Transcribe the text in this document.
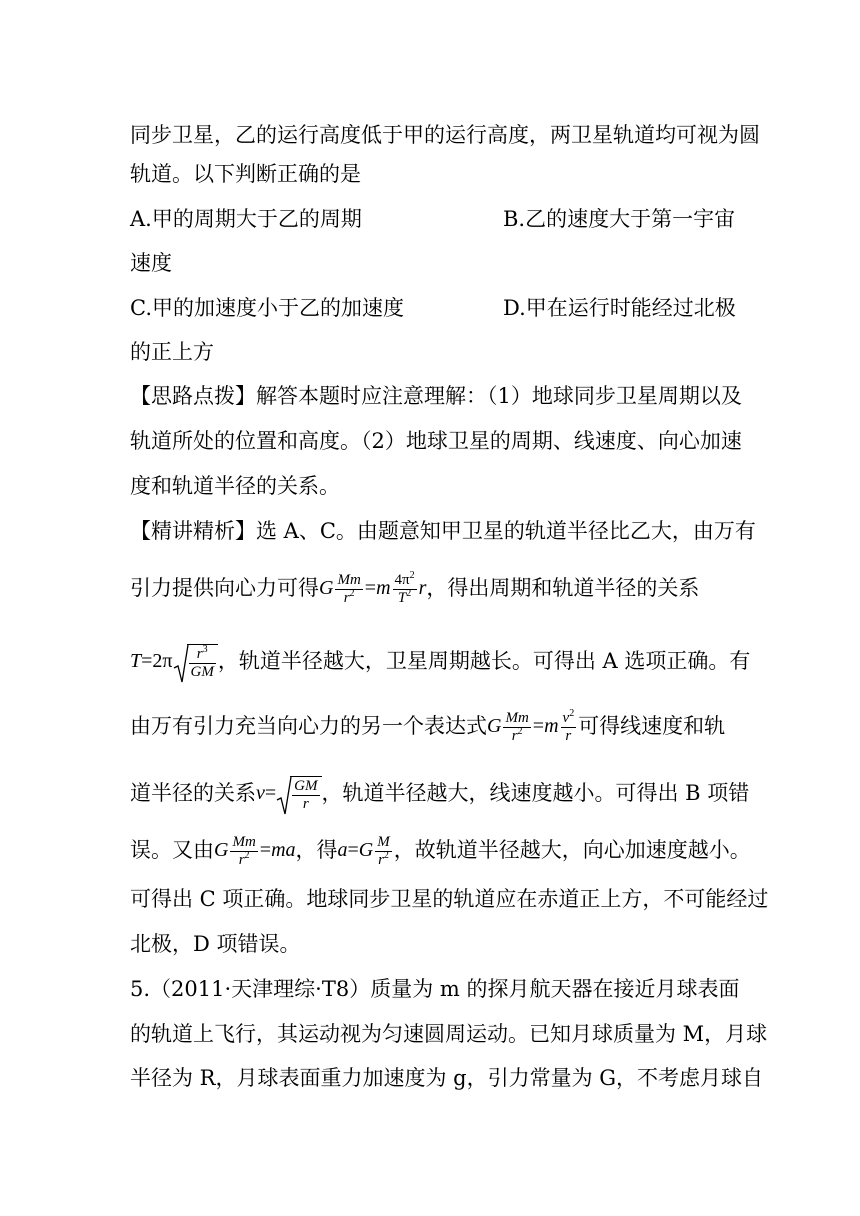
同步卫星，乙的运行高度低于甲的运行高度，两卫星轨道均可视为圆
轨道。以下判断正确的是
A.甲的周期大于乙的周期	B.乙的速度大于第一宇宙
速度
C.甲的加速度小于乙的加速度	D.甲在运行时能经过北极
的正上方
【思路点拨】解答本题时应注意理解：（1）地球同步卫星周期以及
轨道所处的位置和高度。（2）地球卫星的周期、线速度、向心加速
度和轨道半径的关系。
【精讲精析】选 A、C。由题意知甲卫星的轨道半径比乙大，由万有
引力提供向心力可得G $\frac{Mm}{r^2} =m \frac{4\pi^2}{T^2}$ r，得出周期和轨道半径的关系
$T=2\pi \frac{r^3}{GM}$ ，轨道半径越大，卫星周期越长。可得出 A 选项正确。有
由万有引力充当向心力的另一个表达式G $\frac{Mm}{r^2} =m \frac{v^2}{r}$ 可得线速度和轨
道半径的关系$v= \frac{GM}{r}$ ，轨道半径越大，线速度越小。可得出 B 项错
误。又由G $\frac{Mm}{r^2} =ma$，得$a=G \frac{M}{r^2}$ ，故轨道半径越大，向心加速度越小。
可得出 C 项正确。地球同步卫星的轨道应在赤道正上方，不可能经过
北极，D 项错误。
5.（2011·天津理综·T8）质量为 m 的探月航天器在接近月球表面
的轨道上飞行，其运动视为匀速圆周运动。已知月球质量为 M，月球
半径为 R，月球表面重力加速度为 g，引力常量为 G，不考虑月球自
